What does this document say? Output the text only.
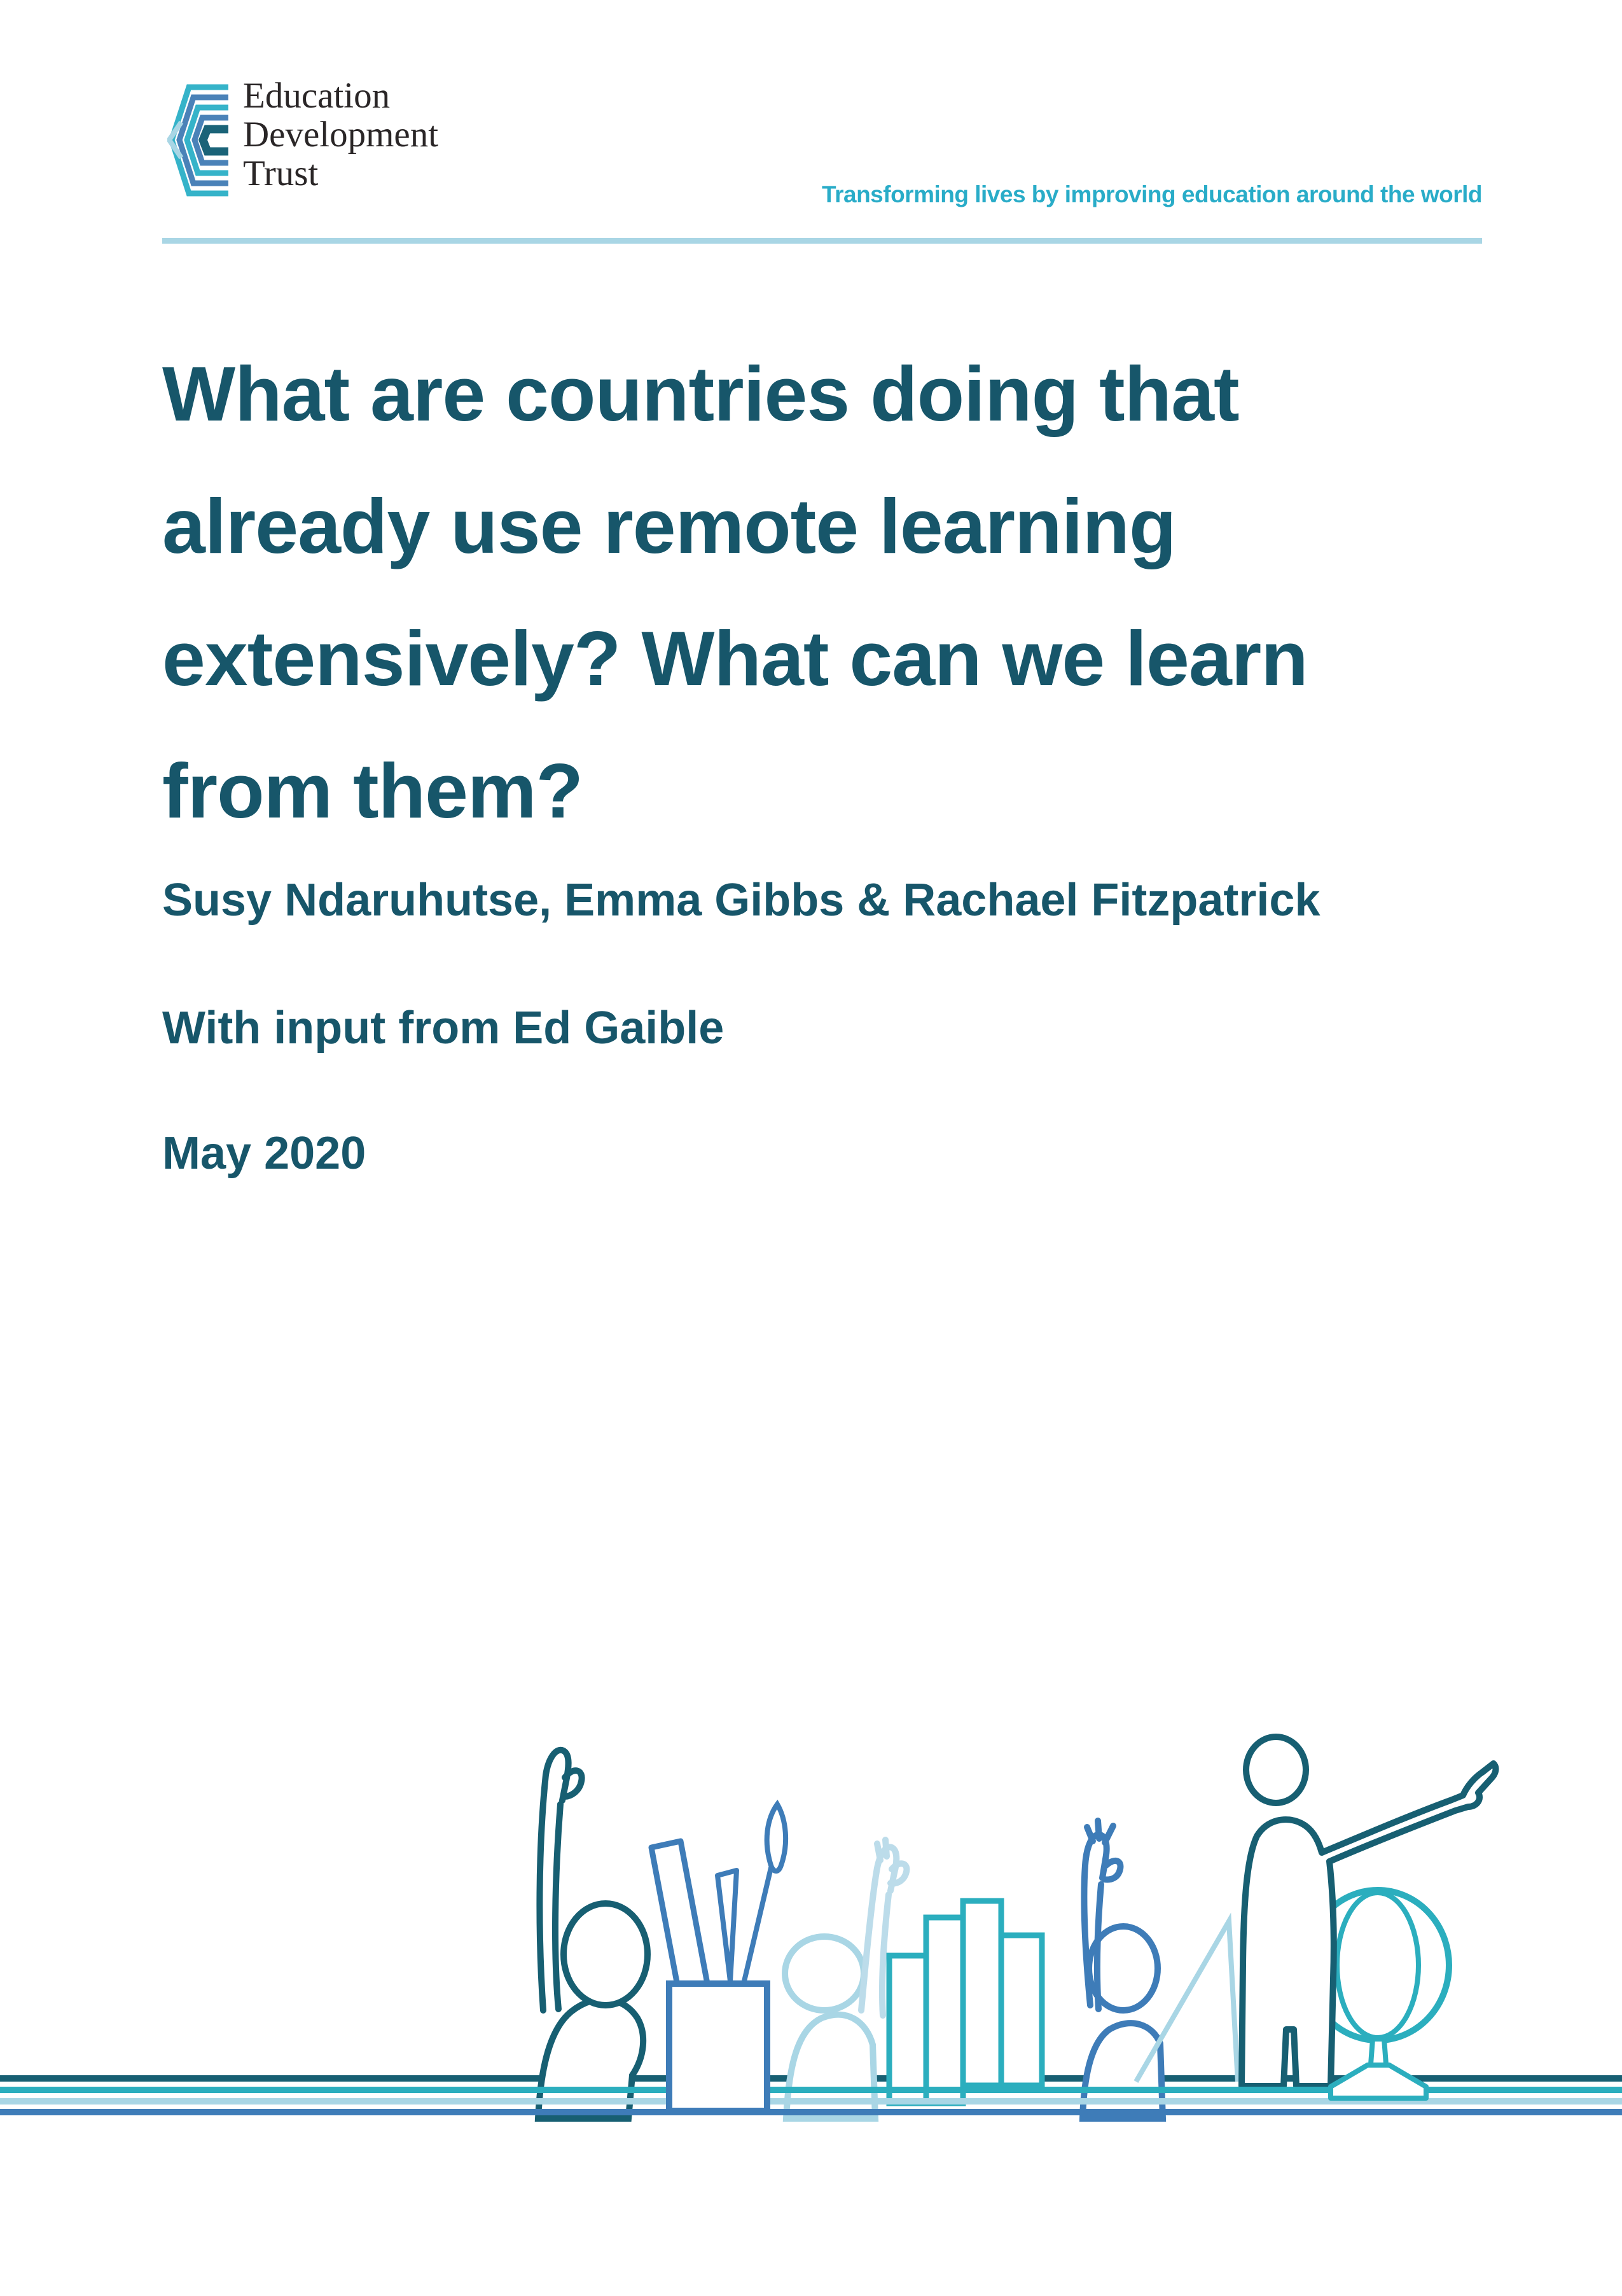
Education
Development
Trust
Transforming lives by improving education around the world
What are countries doing that
already use remote learning
extensively? What can we learn
from them?
Susy Ndaruhutse, Emma Gibbs & Rachael Fitzpatrick
With input from Ed Gaible
May 2020
